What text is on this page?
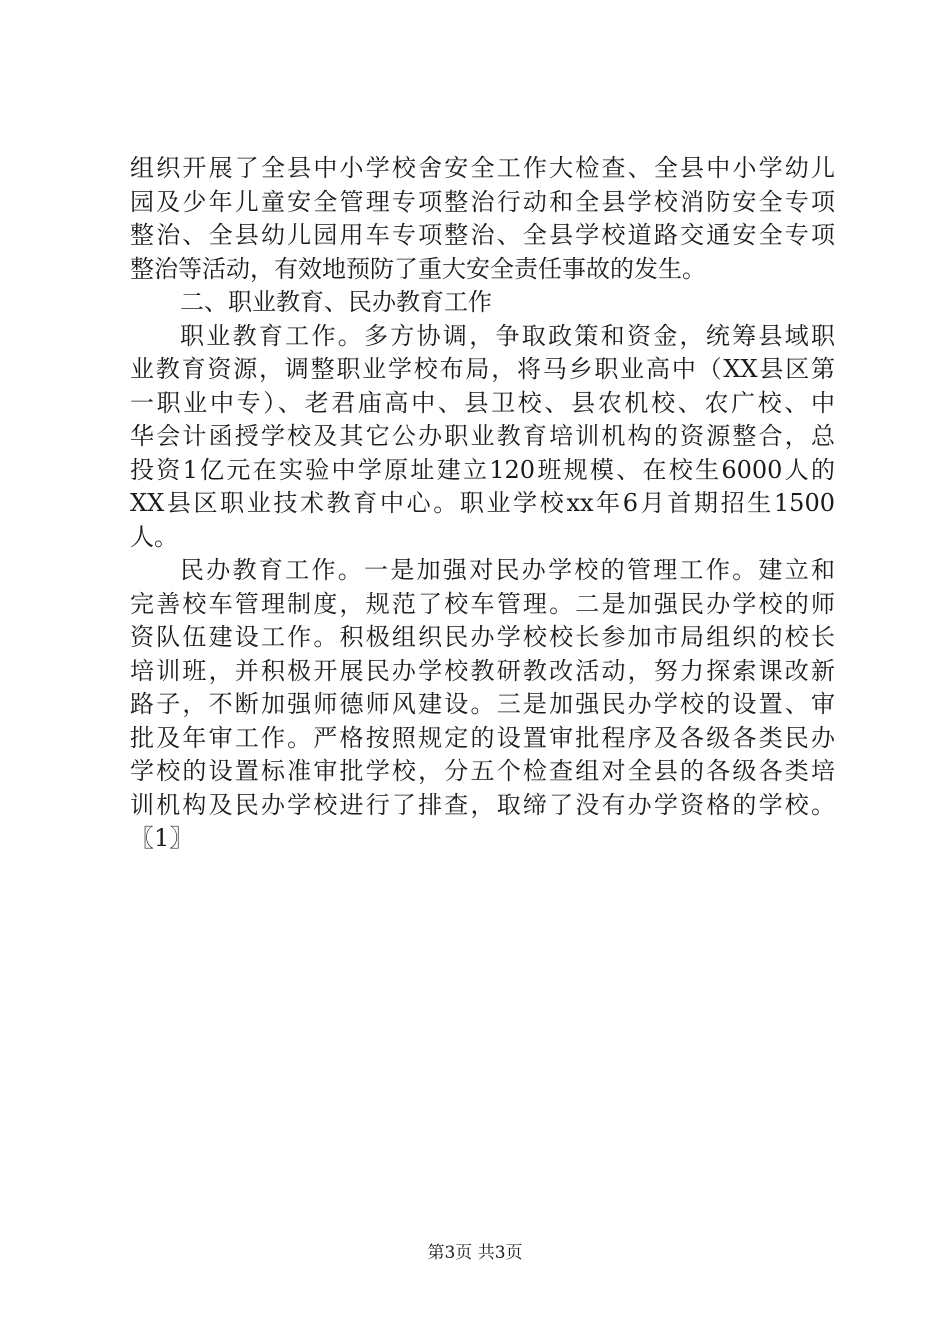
组织开展了全县中小学校舍安全工作大检查、全县中小学幼儿
园及少年儿童安全管理专项整治行动和全县学校消防安全专项
整治、全县幼儿园用车专项整治、全县学校道路交通安全专项
整治等活动，有效地预防了重大安全责任事故的发生。
二、职业教育、民办教育工作
职业教育工作。多方协调，争取政策和资金，统筹县域职
业教育资源，调整职业学校布局，将马乡职业高中（XX县区第
一职业中专）、老君庙高中、县卫校、县农机校、农广校、中
华会计函授学校及其它公办职业教育培训机构的资源整合，总
投资1亿元在实验中学原址建立120班规模、在校生6000人的
XX县区职业技术教育中心。职业学校xx年6月首期招生1500
人。
民办教育工作。一是加强对民办学校的管理工作。建立和
完善校车管理制度，规范了校车管理。二是加强民办学校的师
资队伍建设工作。积极组织民办学校校长参加市局组织的校长
培训班，并积极开展民办学校教研教改活动，努力探索课改新
路子，不断加强师德师风建设。三是加强民办学校的设置、审
批及年审工作。严格按照规定的设置审批程序及各级各类民办
学校的设置标准审批学校，分五个检查组对全县的各级各类培
训机构及民办学校进行了排查，取缔了没有办学资格的学校。
〖1〗
第3页 共3页
